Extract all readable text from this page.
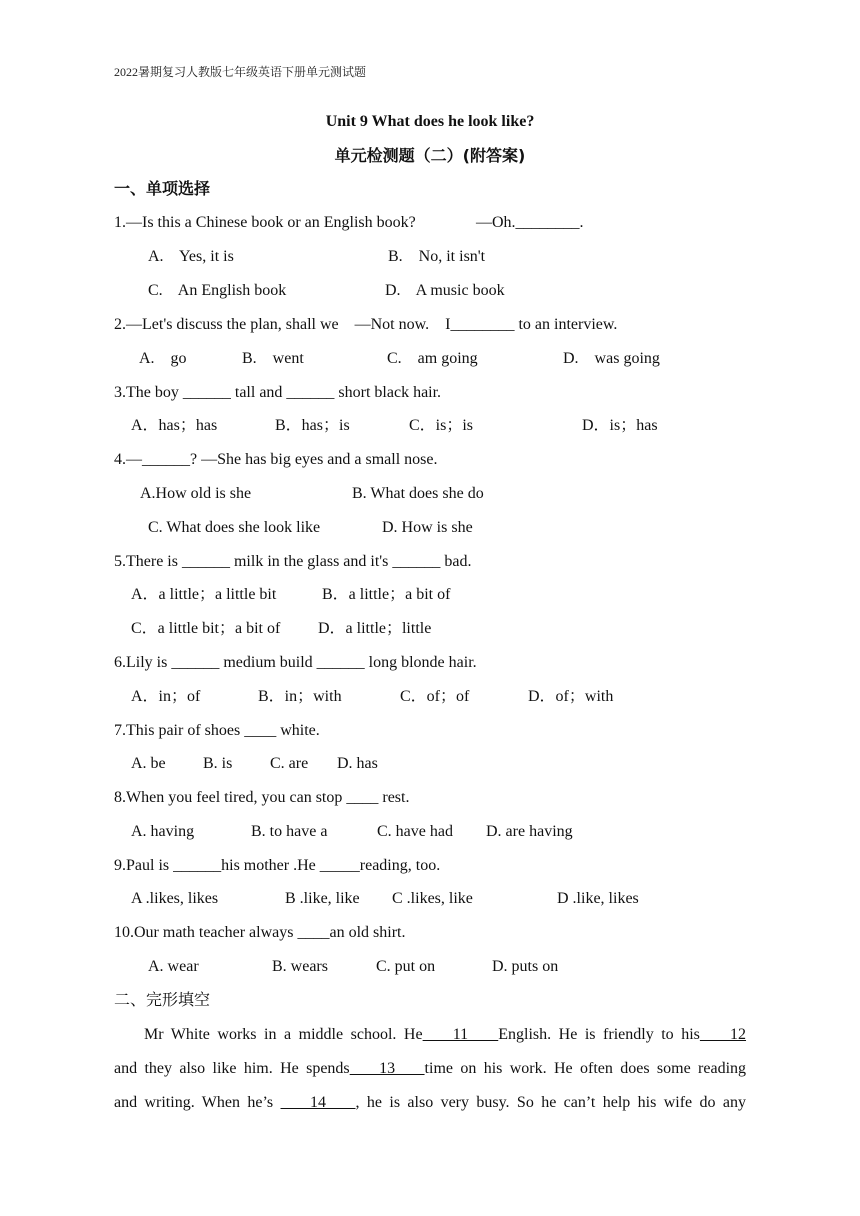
2022暑期复习人教版七年级英语下册单元测试题
Unit 9 What does he look like?
单元检测题（二）(附答案)
一、单项选择
1.—Is this a Chinese book or an English book?	—Oh.________.
A.    Yes, it is	B.    No, it isn't
C.    An English book	D.    A music book
2.—Let's discuss the plan, shall we    —Not now.    I________ to an interview.
A.    go	B.    went	C.    am going	D.    was going
3.The boy ______ tall and ______ short black hair.
A．has；has	B．has；is	C．is；is	D．is；has
4.—______? —She has big eyes and a small nose.
A.How old is she	B. What does she do
C. What does she look like	D. How is she
5.There is ______ milk in the glass and it's ______ bad.
A．a little；a little bit	B．a little；a bit of
C．a little bit；a bit of D．a little；little
6.Lily is ______ medium build ______ long blonde hair.
A．in；of	B．in；with	C．of；of	D．of；with
7.This pair of shoes ____ white.
A. be B. is C. are D. has
8.When you feel tired, you can stop ____ rest.
A. having	B. to have a	C. have had D. are having
9.Paul is ______his mother .He _____reading, too.
A .likes, likes	B .like, like C .likes, like	D .like, likes
10.Our math teacher always ____an old shirt.
A. wear	B. wears	C. put on	D. puts on
二、完形填空
Mr White works in a middle school. He    11    English. He is friendly to his    12
and they also like him. He spends    13    time on his work. He often does some reading
and writing. When he’s     14    , he is also very busy. So he can’t help his wife do any
